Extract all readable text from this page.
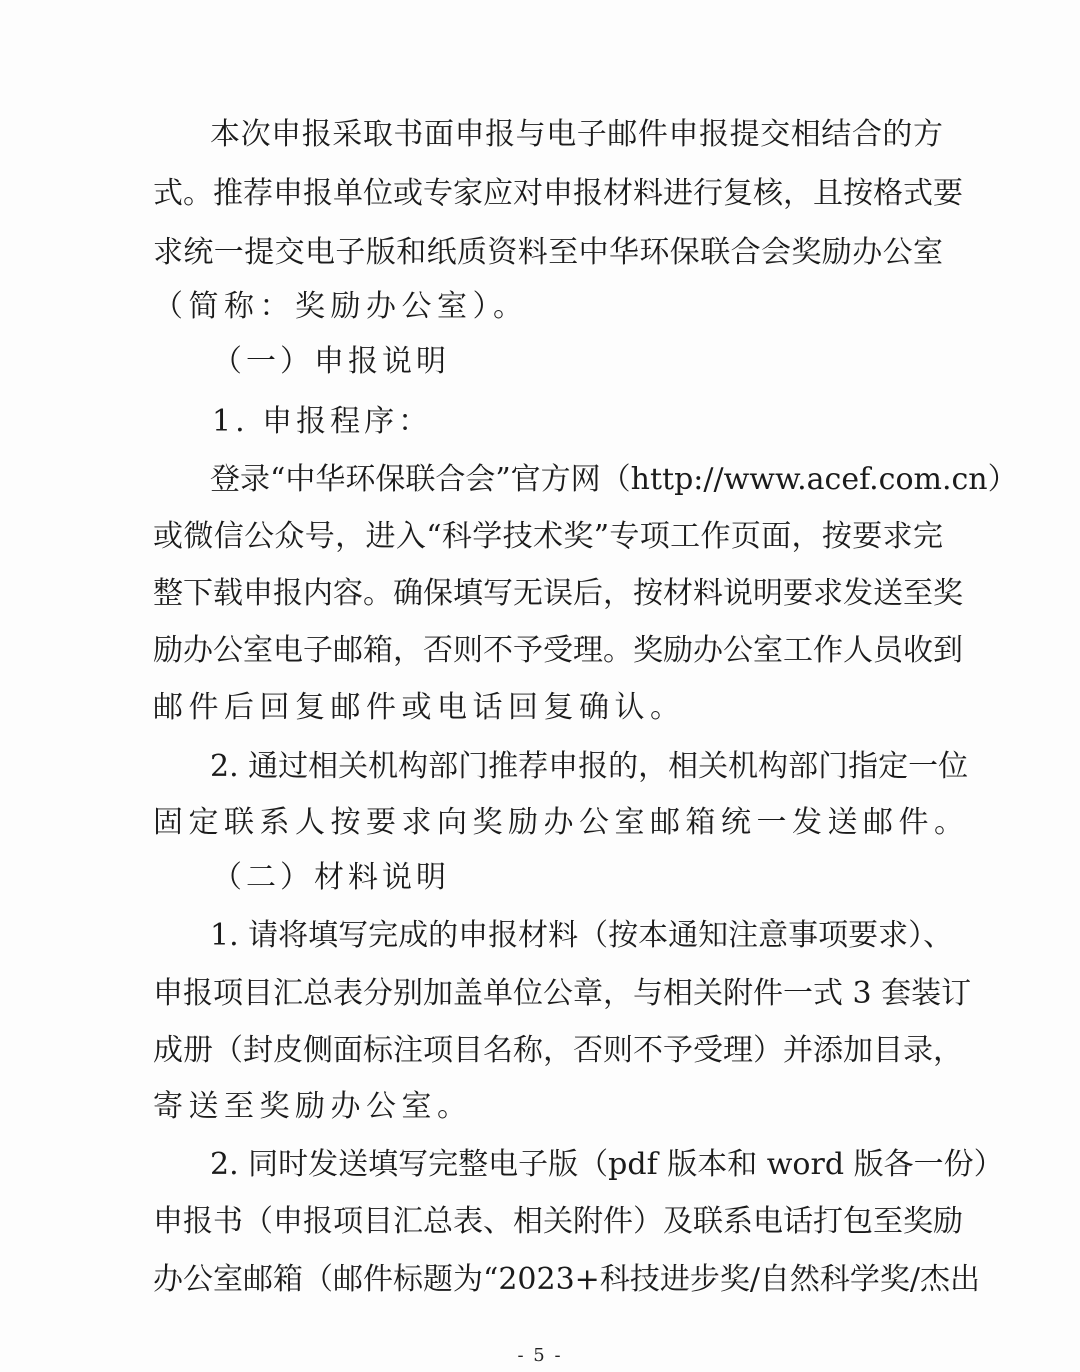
本次申报采取书面申报与电子邮件申报提交相结合的方
式。推荐申报单位或专家应对申报材料进行复核，且按格式要
求统一提交电子版和纸质资料至中华环保联合会奖励办公室
（简称：奖励办公室）。
（一）申报说明
1. 申报程序：
登录“中华环保联合会”官方网（http://www.acef.com.cn）
或微信公众号，进入“科学技术奖”专项工作页面，按要求完
整下载申报内容。确保填写无误后，按材料说明要求发送至奖
励办公室电子邮箱，否则不予受理。奖励办公室工作人员收到
邮件后回复邮件或电话回复确认。
2. 通过相关机构部门推荐申报的，相关机构部门指定一位
固定联系人按要求向奖励办公室邮箱统一发送邮件。
（二）材料说明
1. 请将填写完成的申报材料（按本通知注意事项要求）、
申报项目汇总表分别加盖单位公章，与相关附件一式 3 套装订
成册（封皮侧面标注项目名称，否则不予受理）并添加目录，
寄送至奖励办公室。
2. 同时发送填写完整电子版（pdf 版本和 word 版各一份）
申报书（申报项目汇总表、相关附件）及联系电话打包至奖励
办公室邮箱（邮件标题为“2023+科技进步奖/自然科学奖/杰出
- 5 -
